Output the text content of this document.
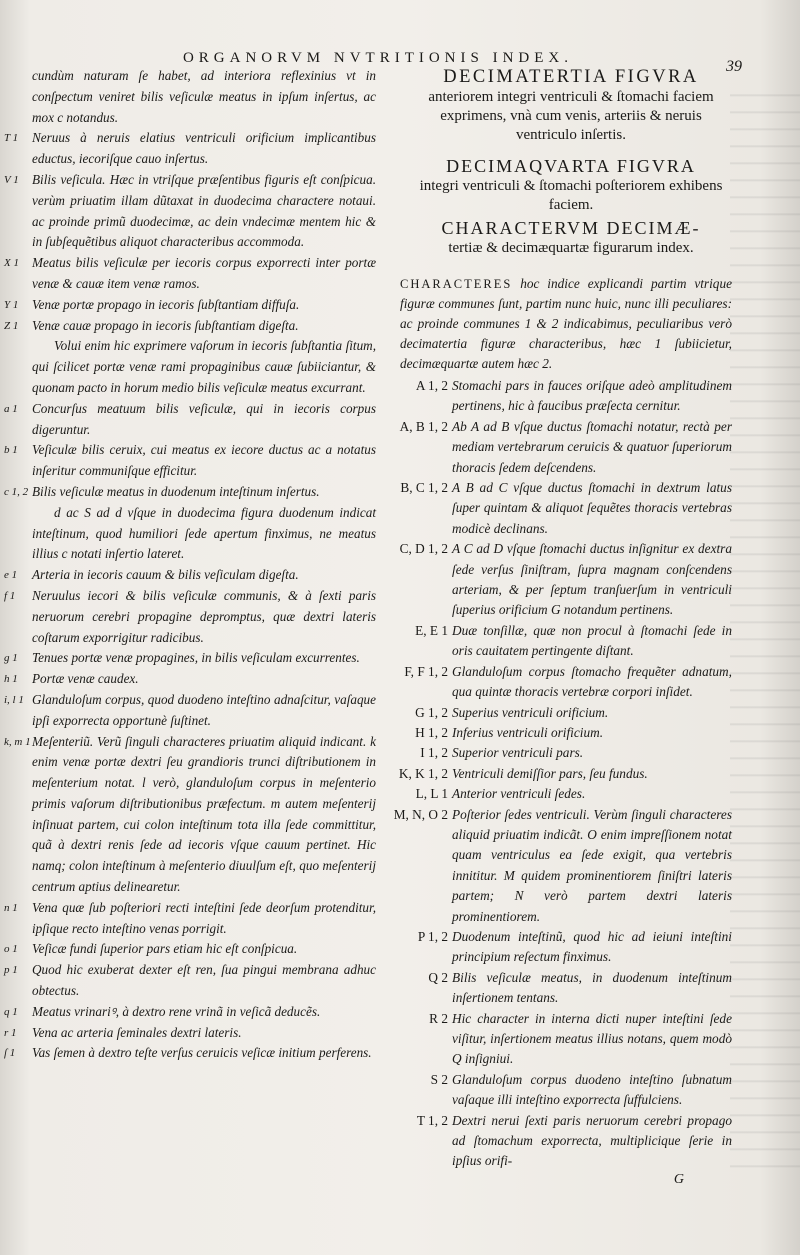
ORGANORVM NVTRITIONIS INDEX.	39
cundùm naturam ſe habet, ad interiora reflexinius vt in conſpectum veniret bilis veſiculæ meatus in ipſum inſertus, ac mox c notandus.
T 1	Neruus à neruis elatius ventriculi orificium implicantibus eductus, iecoriſque cauo inſertus.
V 1	Bilis veſicula. Hæc in vtriſque præſentibus figuris eſt conſpicua. verùm priuatim illam dũtaxat in duodecima charactere notaui. ac proinde primũ duodecimæ, ac dein vndecimæ mentem hic & in ſubſequẽtibus aliquot characteribus accommoda.
X 1 Meatus bilis veſiculæ per iecoris corpus exporrecti inter portæ venæ & cauæ item venæ ramos.
Y 1	Venæ portæ propago in iecoris ſubſtantiam diffuſa.
Z 1	Venæ cauæ propago in iecoris ſubſtantiam digeſta.
Volui enim hic exprimere vaſorum in iecoris ſubſtantia ſitum, qui ſcilicet portæ venæ rami propaginibus cauæ ſubiiciantur, & quonam pacto in horum medio bilis veſiculæ meatus excurrant.
a 1	Concurſus meatuum bilis veſiculæ, qui in iecoris corpus digeruntur.
b 1	Veſiculæ bilis ceruix, cui meatus ex iecore ductus ac a notatus inſeritur communiſque efficitur.
c 1, 2 Bilis veſiculæ meatus in duodenum inteſtinum inſertus.
d ac S ad d vſque in duodecima figura duodenum indicat inteſtinum, quod humiliori ſede apertum finximus, ne meatus illius c notati inſertio lateret.
e 1	Arteria in iecoris cauum & bilis veſiculam digeſta.
f 1	Neruulus iecori & bilis veſiculæ communis, & à ſexti paris neruorum cerebri propagine depromptus, quæ dextri lateris coſtarum exporrigitur radicibus.
g 1	Tenues portæ venæ propagines, in bilis veſiculam excurrentes.
h 1	Portæ venæ caudex.
i, l 1 Glanduloſum corpus, quod duodeno inteſtino adnaſcitur, vaſaque ipſi exporrecta opportunè ſuſtinet.
k, m 1 Meſenteriũ. Verũ ſinguli characteres priuatim aliquid indicant. k enim venæ portæ dextri ſeu grandioris trunci diſtributionem in meſenterium notat. l verò, glanduloſum corpus in meſenterio primis vaſorum diſtributionibus præfectum. m autem meſenterij inſinuat partem, cui colon inteſtinum tota illa ſede committitur, quã à dextri renis ſede ad iecoris vſque cauum pertinet. Hic namq; colon inteſtinum à meſenterio diuulſum eſt, quo meſenterij centrum aptius delinearetur.
n 1	Vena quæ ſub poſteriori recti inteſtini ſede deorſum protenditur, ipſique recto inteſtino venas porrigit.
o 1	Veſicæ fundi ſuperior pars etiam hic eſt conſpicua.
p 1	Quod hic exuberat dexter eſt ren, ſua pingui membrana adhuc obtectus.
q 1	Meatus vrinariꝰ, à dextro rene vrinã in veſicã deducẽs.
r 1	Vena ac arteria ſeminales dextri lateris.
ſ 1	Vas ſemen à dextro teſte verſus ceruicis veſicæ initium perferens.
DECIMATERTIA FIGVRA
anteriorem integri ventriculi & ſtomachi faciem exprimens, vnà cum venis, arteriis & neruis ventriculo inſertis.
DECIMAQVARTA FIGVRA
integri ventriculi & ſtomachi poſteriorem exhibens faciem.
CHARACTERVM DECIMÆ-
tertiæ & decimæquartæ figurarum index.
CHARACTERES hoc indice explicandi partim vtrique figuræ communes ſunt, partim nunc huic, nunc illi peculiares: ac proinde communes 1 & 2 indicabimus, peculiaribus verò decimatertia figuræ characteribus, hæc 1 ſubiicietur, decimæquartæ autem hæc 2.
A 1, 2 Stomachi pars in fauces oriſque adeò amplitudinem pertinens, hic à faucibus præſecta cernitur.
A, B 1, 2 Ab A ad B vſque ductus ſtomachi notatur, rectà per mediam vertebrarum ceruicis & quatuor ſuperiorum thoracis ſedem deſcendens.
B, C 1, 2 A B ad C vſque ductus ſtomachi in dextrum latus ſuper quintam & aliquot ſequẽtes thoracis vertebras modicè declinans.
C, D 1, 2 A C ad D vſque ſtomachi ductus inſignitur ex dextra ſede verſus ſiniſtram, ſupra magnam conſcendens arteriam, & per ſeptum tranſuerſum in ventriculi ſuperius orificium G notandum pertinens.
E, E 1 Duæ tonſillæ, quæ non procul à ſtomachi ſede in oris cauitatem pertingente diſtant.
F, F 1, 2 Glanduloſum corpus ſtomacho frequẽter adnatum, qua quintæ thoracis vertebræ corpori inſidet.
G 1, 2 Superius ventriculi orificium.
H 1, 2 Inferius ventriculi orificium.
I 1, 2 Superior ventriculi pars.
K, K 1, 2 Ventriculi demiſſior pars, ſeu fundus.
L, L 1 Anterior ventriculi ſedes.
M, N, O 2 Poſterior ſedes ventriculi. Verùm ſinguli characteres aliquid priuatim indicãt. O enim impreſſionem notat quam ventriculus ea ſede exigit, qua vertebris innititur. M quidem prominentiorem ſiniſtri lateris partem; N verò partem dextri lateris prominentiorem.
P 1, 2 Duodenum inteſtinũ, quod hic ad ieiuni inteſtini principium reſectum finximus.
Q 2 Bilis veſiculæ meatus, in duodenum inteſtinum inſertionem tentans.
R 2 Hic character in interna dicti nuper inteſtini ſede viſitur, inſertionem meatus illius notans, quem modò Q inſigniui.
S 2 Glanduloſum corpus duodeno inteſtino ſubnatum vaſaque illi inteſtino exporrecta ſuffulciens.
T 1, 2 Dextri nerui ſexti paris neruorum cerebri propago ad ſtomachum exporrecta, multiplicique ſerie in ipſius orifi-
G
